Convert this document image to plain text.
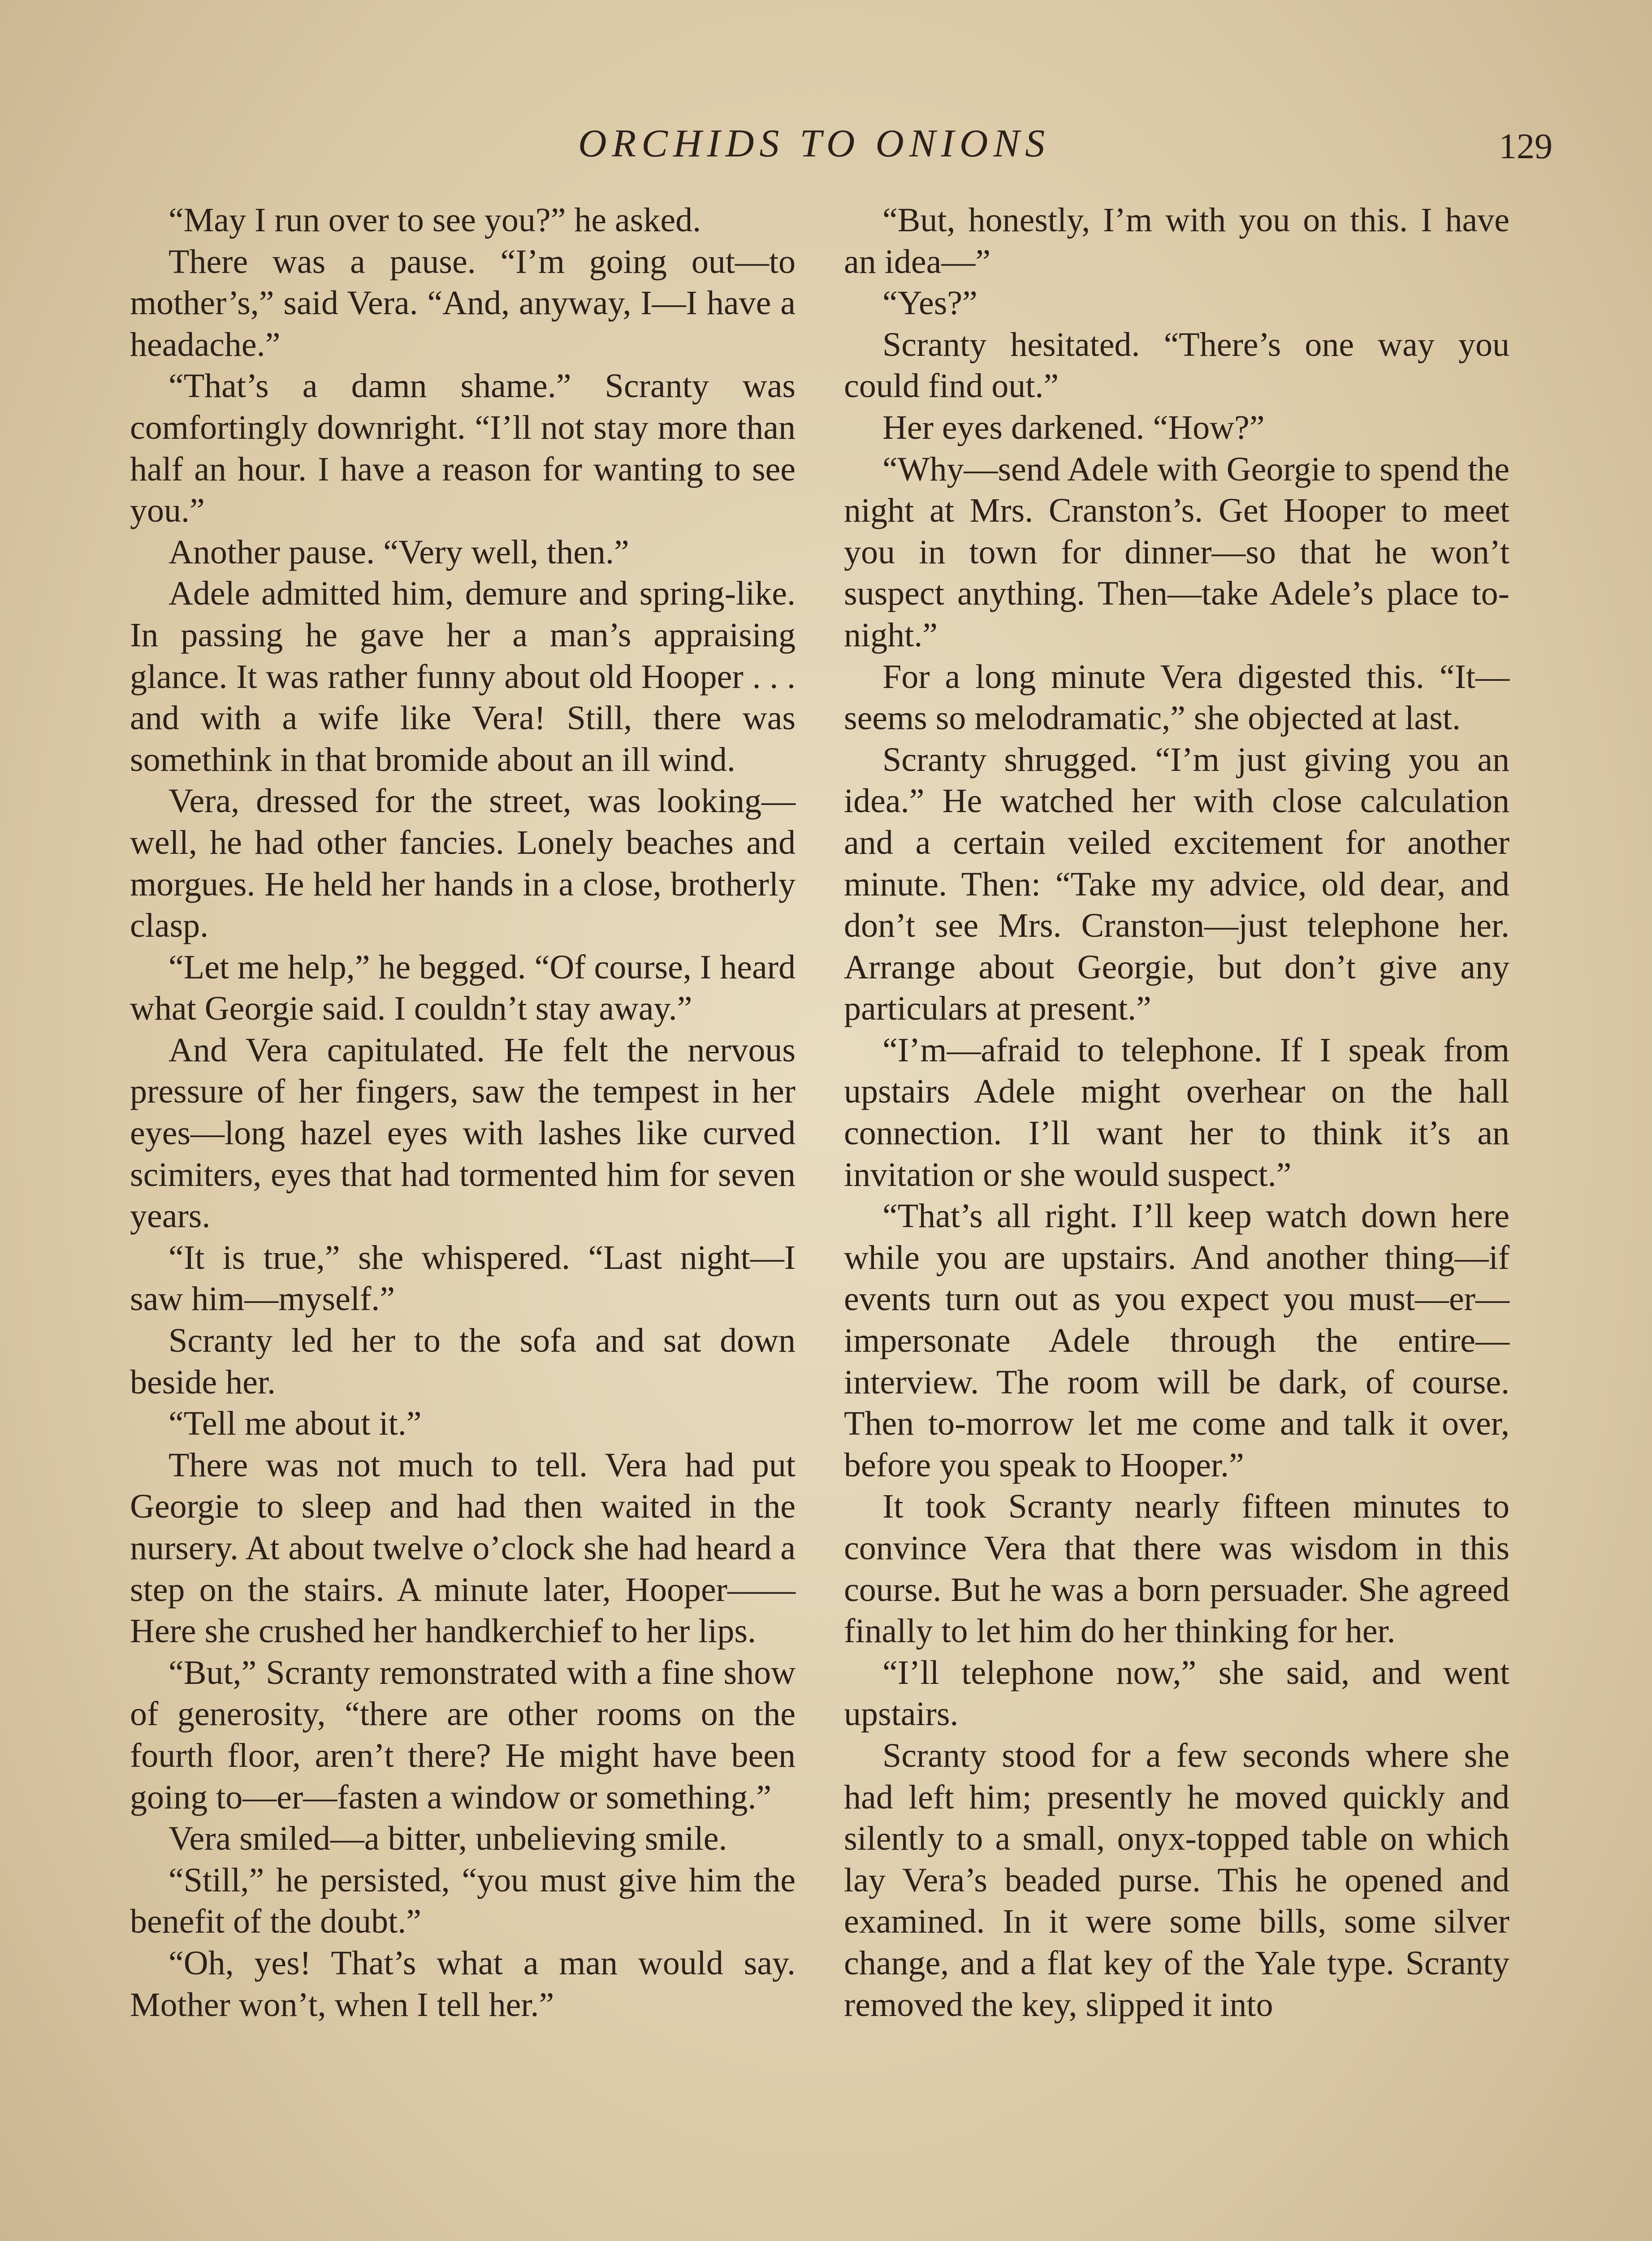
ORCHIDS TO ONIONS	129

“May I run over to see you?” he asked.

There was a pause. “I’m going out—to mother’s,” said Vera. “And, anyway, I—I have a headache.”

“That’s a damn shame.” Scranty was comfortingly downright. “I’ll not stay more than half an hour. I have a reason for wanting to see you.”

Another pause. “Very well, then.”

Adele admitted him, demure and spring-like. In passing he gave her a man’s appraising glance. It was rather funny about old Hooper . . . and with a wife like Vera! Still, there was somethink in that bromide about an ill wind.

Vera, dressed for the street, was looking—well, he had other fancies. Lonely beaches and morgues. He held her hands in a close, brotherly clasp.

“Let me help,” he begged. “Of course, I heard what Georgie said. I couldn’t stay away.”

And Vera capitulated. He felt the nervous pressure of her fingers, saw the tempest in her eyes—long hazel eyes with lashes like curved scimiters, eyes that had tormented him for seven years.

“It is true,” she whispered. “Last night—I saw him—myself.”

Scranty led her to the sofa and sat down beside her.

“Tell me about it.”

There was not much to tell. Vera had put Georgie to sleep and had then waited in the nursery. At about twelve o’clock she had heard a step on the stairs. A minute later, Hooper—— Here she crushed her handkerchief to her lips.

“But,” Scranty remonstrated with a fine show of generosity, “there are other rooms on the fourth floor, aren’t there? He might have been going to—er—fasten a window or something.”

Vera smiled—a bitter, unbelieving smile.

“Still,” he persisted, “you must give him the benefit of the doubt.”

“Oh, yes! That’s what a man would say. Mother won’t, when I tell her.”

“But, honestly, I’m with you on this. I have an idea—”

“Yes?”

Scranty hesitated. “There’s one way you could find out.”

Her eyes darkened. “How?”

“Why—send Adele with Georgie to spend the night at Mrs. Cranston’s. Get Hooper to meet you in town for dinner—so that he won’t suspect anything. Then—take Adele’s place to-night.”

For a long minute Vera digested this. “It—seems so melodramatic,” she objected at last.

Scranty shrugged. “I’m just giving you an idea.” He watched her with close calculation and a certain veiled excitement for another minute. Then: “Take my advice, old dear, and don’t see Mrs. Cranston—just telephone her. Arrange about Georgie, but don’t give any particulars at present.”

“I’m—afraid to telephone. If I speak from upstairs Adele might overhear on the hall connection. I’ll want her to think it’s an invitation or she would suspect.”

“That’s all right. I’ll keep watch down here while you are upstairs. And another thing—if events turn out as you expect you must—er—impersonate Adele through the entire—interview. The room will be dark, of course. Then to-morrow let me come and talk it over, before you speak to Hooper.”

It took Scranty nearly fifteen minutes to convince Vera that there was wisdom in this course. But he was a born persuader. She agreed finally to let him do her thinking for her.

“I’ll telephone now,” she said, and went upstairs.

Scranty stood for a few seconds where she had left him; presently he moved quickly and silently to a small, onyx-topped table on which lay Vera’s beaded purse. This he opened and examined. In it were some bills, some silver change, and a flat key of the Yale type. Scranty removed the key, slipped it into
